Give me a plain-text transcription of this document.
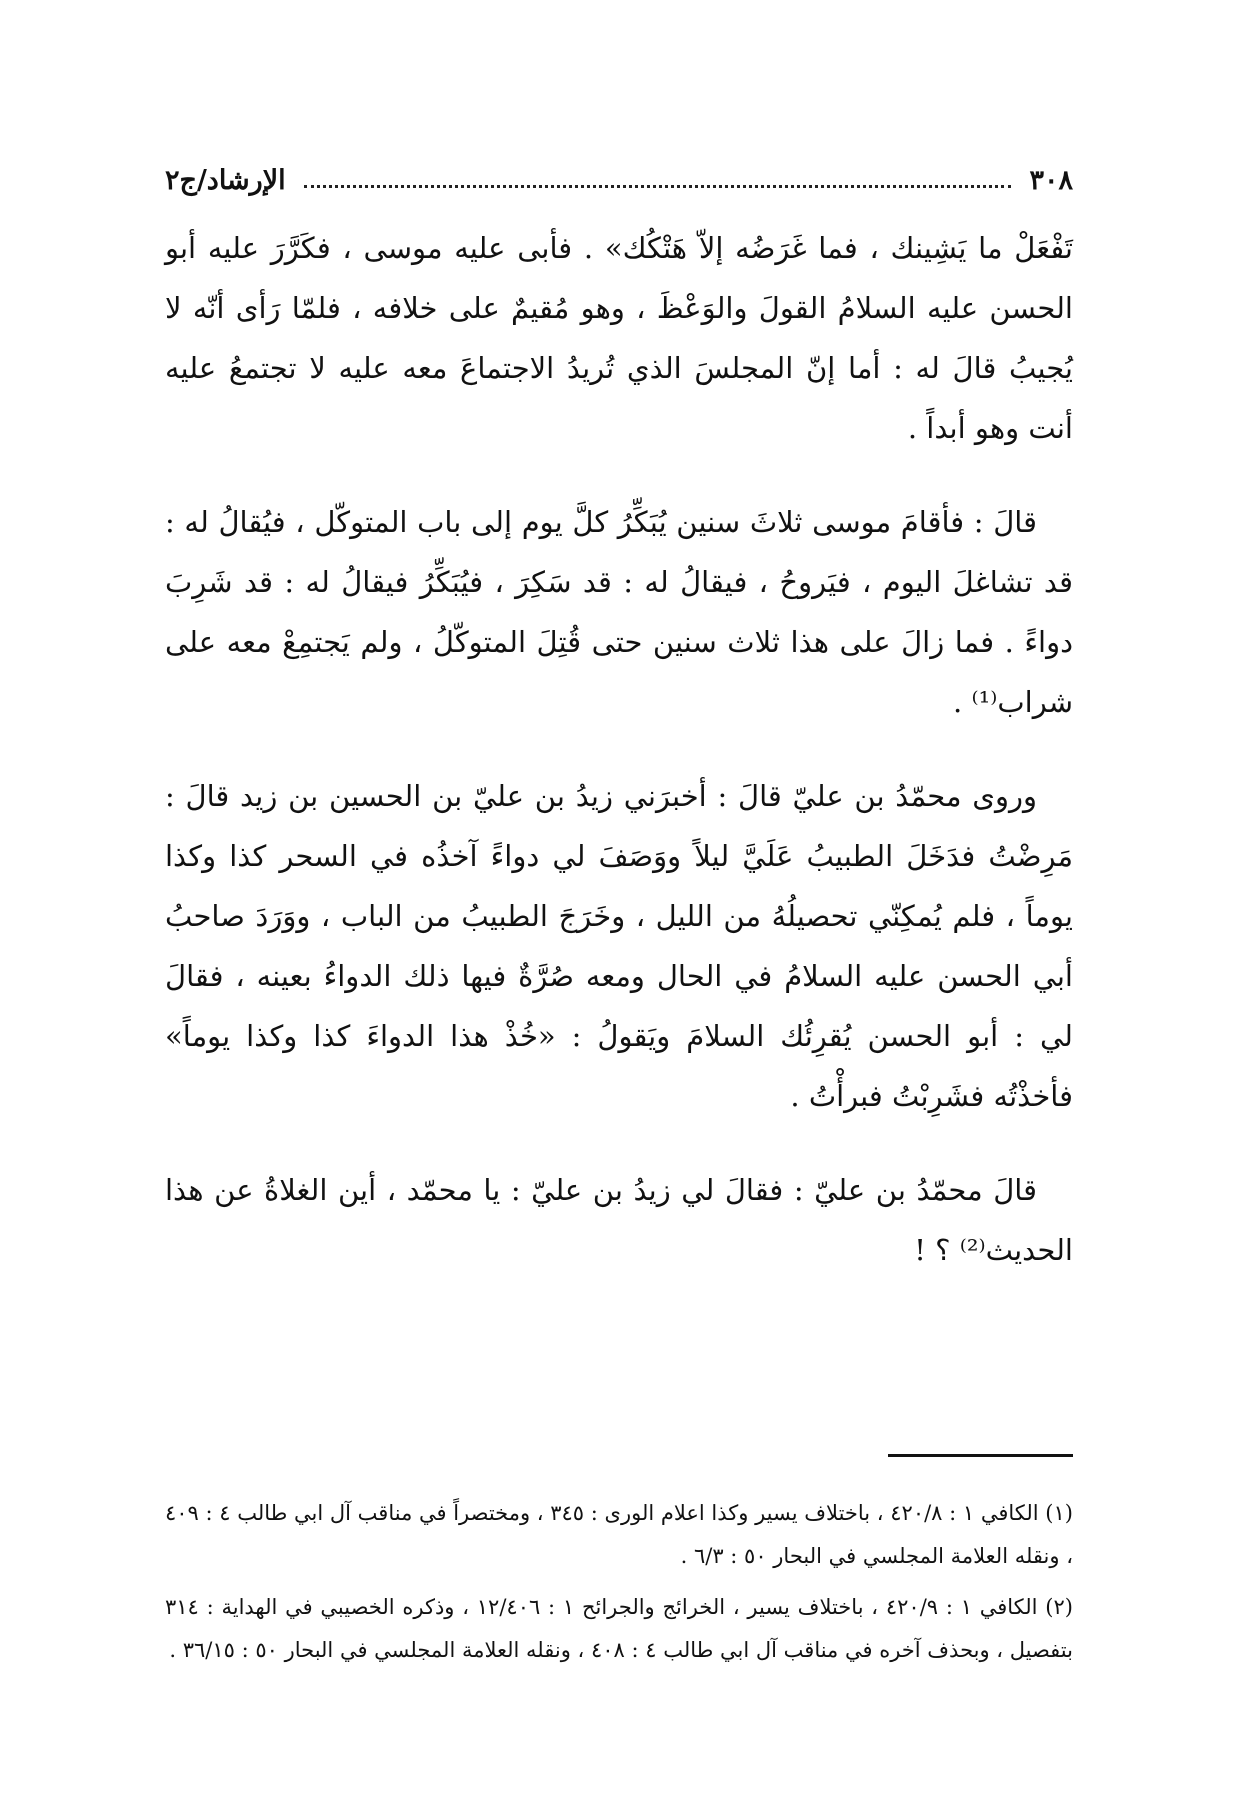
٣٠٨
الإرشاد/ج٢

تَفْعَلْ ما يَشِينك ، فما غَرَضُه إلاّ هَتْكُك» . فأبى عليه موسى ، فكَرَّرَ عليه أبو الحسن عليه السلامُ القولَ والوَعْظَ ، وهو مُقيمٌ على خلافه ، فلمّا رَأى أنّه لا يُجيبُ قالَ له : أما إنّ المجلسَ الذي تُريدُ الاجتماعَ معه عليه لا تجتمعُ عليه أنت وهو أبداً .

قالَ : فأقامَ موسى ثلاثَ سنين يُبَكِّرُ كلَّ يوم إلى باب المتوكّل ، فيُقالُ له : قد تشاغلَ اليوم ، فيَروحُ ، فيقالُ له : قد سَكِرَ ، فيُبَكِّرُ فيقالُ له : قد شَرِبَ دواءً . فما زالَ على هذا ثلاث سنين حتى قُتِلَ المتوكّلُ ، ولم يَجتمِعْ معه على شراب⁽¹⁾ .

وروى محمّدُ بن عليّ قالَ : أخبرَني زيدُ بن عليّ بن الحسين بن زيد قالَ : مَرِضْتُ فدَخَلَ الطبيبُ عَلَيَّ ليلاً ووَصَفَ لي دواءً آخذُه في السحر كذا وكذا يوماً ، فلم يُمكِنّي تحصيلُهُ من الليل ، وخَرَجَ الطبيبُ من الباب ، ووَرَدَ صاحبُ أبي الحسن عليه السلامُ في الحال ومعه صُرَّةٌ فيها ذلك الدواءُ بعينه ، فقالَ لي : أبو الحسن يُقرِئُك السلامَ ويَقولُ : «خُذْ هذا الدواءَ كذا وكذا يوماً» فأخذْتُه فشَرِبْتُ فبرأْتُ .

قالَ محمّدُ بن عليّ : فقالَ لي زيدُ بن عليّ : يا محمّد ، أين الغلاةُ عن هذا الحديث⁽²⁾ ؟ !

(١) الكافي ١ : ٤٢٠/٨ ، باختلاف يسير وكذا اعلام الورى : ٣٤٥ ، ومختصراً في مناقب آل ابي طالب ٤ : ٤٠٩ ، ونقله العلامة المجلسي في البحار ٥٠ : ٦/٣ .

(٢) الكافي ١ : ٤٢٠/٩ ، باختلاف يسير ، الخرائج والجرائح ١ : ١٢/٤٠٦ ، وذكره الخصيبي في الهداية : ٣١٤ بتفصيل ، وبحذف آخره في مناقب آل ابي طالب ٤ : ٤٠٨ ، ونقله العلامة المجلسي في البحار ٥٠ : ٣٦/١٥ .
